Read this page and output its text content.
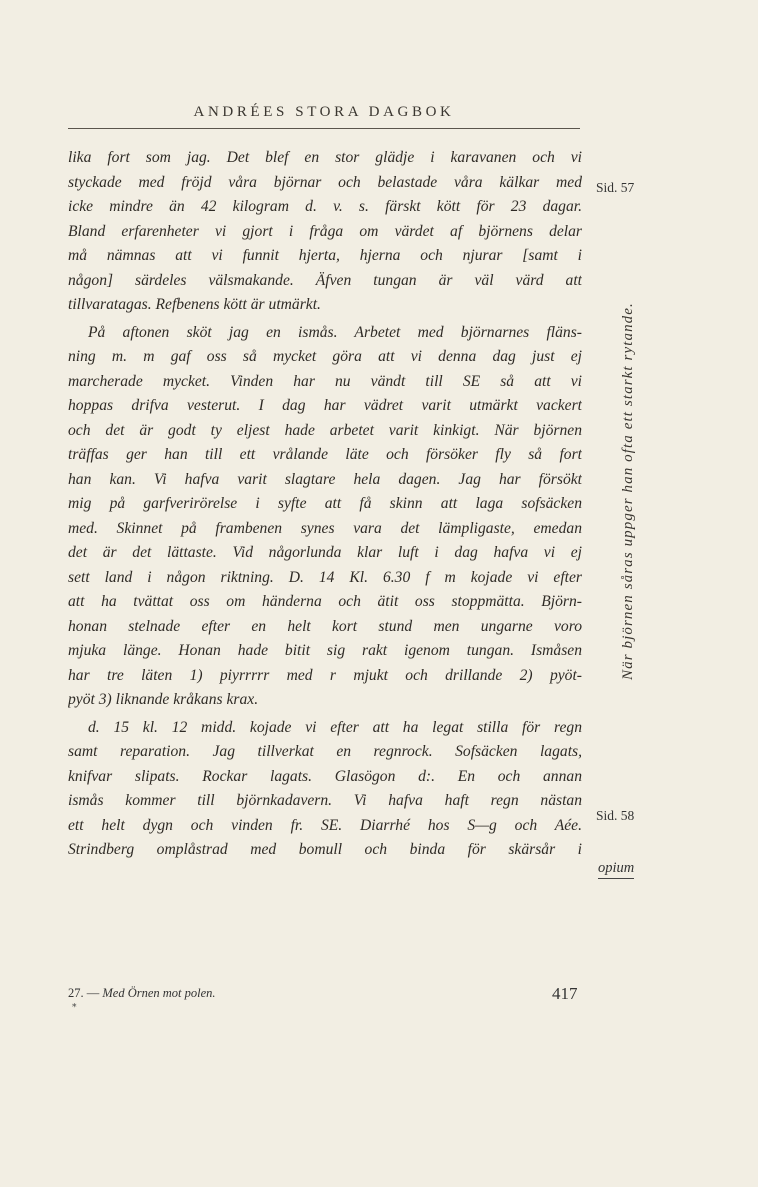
ANDRÉES STORA DAGBOK
lika fort som jag. Det blef en stor glädje i karavanen och vi
styckade med fröjd våra björnar och belastade våra kälkar med
icke mindre än 42 kilogram d. v. s. färskt kött för 23 dagar.
Bland erfarenheter vi gjort i fråga om värdet af björnens delar
må nämnas att vi funnit hjerta, hjerna och njurar [samt i
någon] särdeles välsmakande. Äfven tungan är väl värd att
tillvaratagas. Refbenens kött är utmärkt.
På aftonen sköt jag en ismås. Arbetet med björnarnes fläns-
ning m. m gaf oss så mycket göra att vi denna dag just ej
marcherade mycket. Vinden har nu vändt till SE så att vi
hoppas drifva vesterut. I dag har vädret varit utmärkt vackert
och det är godt ty eljest hade arbetet varit kinkigt. När björnen
träffas ger han till ett vrålande läte och försöker fly så fort
han kan. Vi hafva varit slagtare hela dagen. Jag har försökt
mig på garfverirörelse i syfte att få skinn att laga sofsäcken
med. Skinnet på frambenen synes vara det lämpligaste, emedan
det är det lättaste. Vid någorlunda klar luft i dag hafva vi ej
sett land i någon riktning. D. 14 Kl. 6.30 f m kojade vi efter
att ha tvättat oss om händerna och ätit oss stoppmätta. Björn-
honan stelnade efter en helt kort stund men ungarne voro
mjuka länge. Honan hade bitit sig rakt igenom tungan. Ismåsen
har tre läten 1) piyrrrrr med r mjukt och drillande 2) pyöt-
pyöt 3) liknande kråkans krax.
d. 15 kl. 12 midd. kojade vi efter att ha legat stilla för regn
samt reparation. Jag tillverkat en regnrock. Sofsäcken lagats,
knifvar slipats. Rockar lagats. Glasögon d:. En och annan
ismås kommer till björnkadavern. Vi hafva haft regn nästan
ett helt dygn och vinden fr. SE. Diarrhé hos S—g och Aée.
Strindberg omplåstrad med bomull och binda för skärsår i
Sid. 57
När björnen såras uppger han ofta ett starkt rytande.
Sid. 58
opium
27. — Med Örnen mot polen.
*
417
